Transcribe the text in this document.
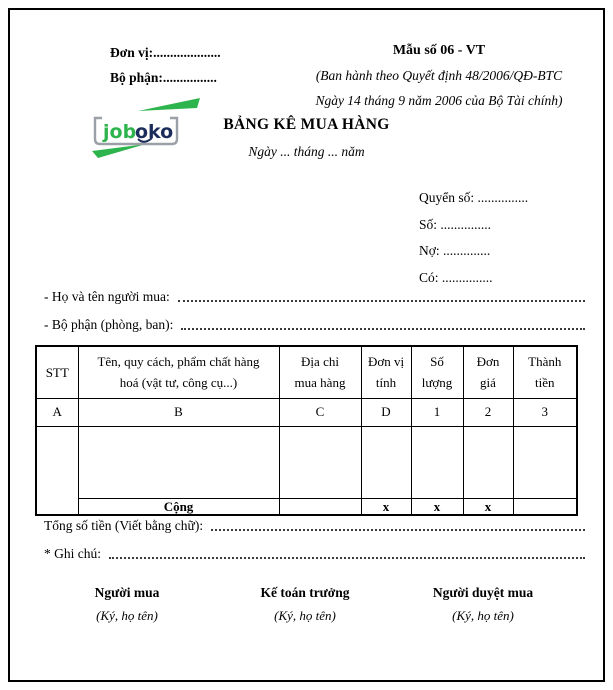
Đơn vị:....................
Bộ phận:................
Mẫu số 06 - VT
(Ban hành theo Quyết định 48/2006/QĐ-BTC
Ngày 14 tháng 9 năm 2006 của Bộ Tài chính)
job
oko	BẢNG KÊ MUA HÀNG
Ngày ... tháng ... năm
Quyển số: ...............
Số: ...............
Nợ: ..............
Có: ...............
- Họ và tên người mua:
- Bộ phận (phòng, ban):
STT	Tên, quy cách, phẩm chất hàng hoá (vật tư, công cụ...)	Địa chỉ mua hàng	Đơn vị tính	Số lượng	Đơn giá	Thành tiền
A	B	C	D	1	2	3

	Cộng		x	x	x	
Tổng số tiền (Viết bằng chữ):
* Ghi chú:
Người mua
(Ký, họ tên)
Kế toán trưởng
(Ký, họ tên)
Người duyệt mua
(Ký, họ tên)
